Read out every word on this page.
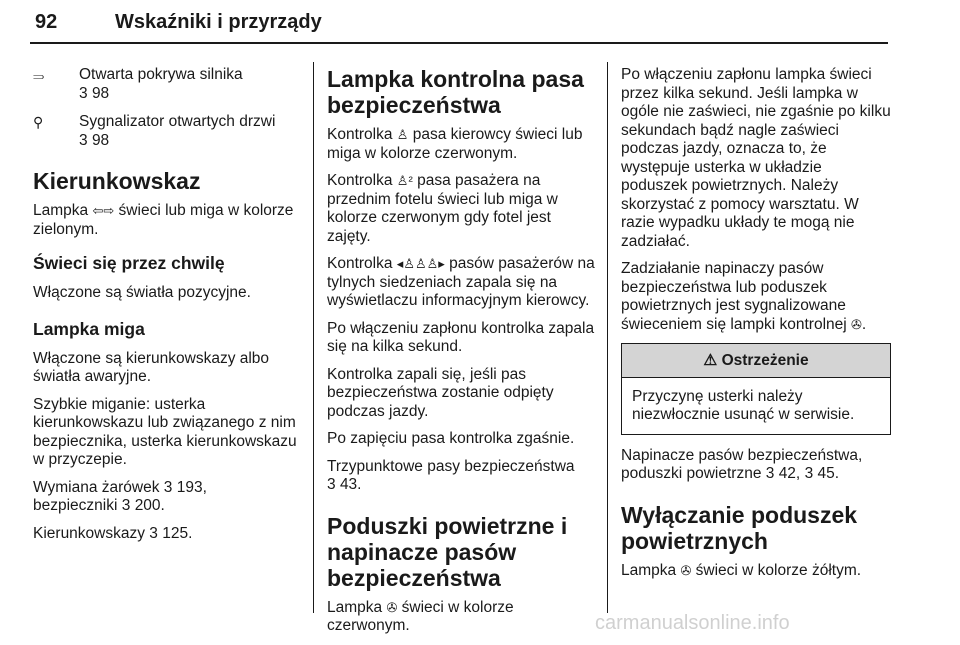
92	Wskaźniki i przyrządy
⥰	Otwarta pokrywa silnika
3 98
⚲	Sygnalizator otwartych drzwi
3 98
Kierunkowskaz

Lampka ⇦⇨ świeci lub miga w kolorze zielonym.

Świeci się przez chwilę

Włączone są światła pozycyjne.

Lampka miga

Włączone są kierunkowskazy albo światła awaryjne.

Szybkie miganie: usterka kierunkowskazu lub związanego z nim bezpiecznika, usterka kierunkowskazu w przyczepie.

Wymiana żarówek 3 193,
bezpieczniki 3 200.

Kierunkowskazy 3 125.

Lampka kontrolna pasa bezpieczeństwa

Kontrolka ♙ pasa kierowcy świeci lub miga w kolorze czerwonym.

Kontrolka ♙² pasa pasażera na przednim fotelu świeci lub miga w kolorze czerwonym gdy fotel jest zajęty.

Kontrolka ◂♙♙♙▸ pasów pasażerów na tylnych siedzeniach zapala się na wyświetlaczu informacyjnym kierowcy.

Po włączeniu zapłonu kontrolka zapala się na kilka sekund.

Kontrolka zapali się, jeśli pas bezpieczeństwa zostanie odpięty podczas jazdy.

Po zapięciu pasa kontrolka zgaśnie.

Trzypunktowe pasy bezpieczeństwa
3 43.

Poduszki powietrzne i napinacze pasów bezpieczeństwa

Lampka ✇ świeci w kolorze czerwonym.

Po włączeniu zapłonu lampka świeci przez kilka sekund. Jeśli lampka w ogóle nie zaświeci, nie zgaśnie po kilku sekundach bądź nagle zaświeci podczas jazdy, oznacza to, że występuje usterka w układzie poduszek powietrznych. Należy skorzystać z pomocy warsztatu. W razie wypadku układy te mogą nie zadziałać.

Zadziałanie napinaczy pasów bezpieczeństwa lub poduszek powietrznych jest sygnalizowane świeceniem się lampki kontrolnej ✇.

⚠ Ostrzeżenie
Przyczynę usterki należy niezwłocznie usunąć w serwisie.

Napinacze pasów bezpieczeństwa, poduszki powietrzne 3 42, 3 45.

Wyłączanie poduszek powietrznych

Lampka ✇ świeci w kolorze żółtym.

carmanualsonline.info
